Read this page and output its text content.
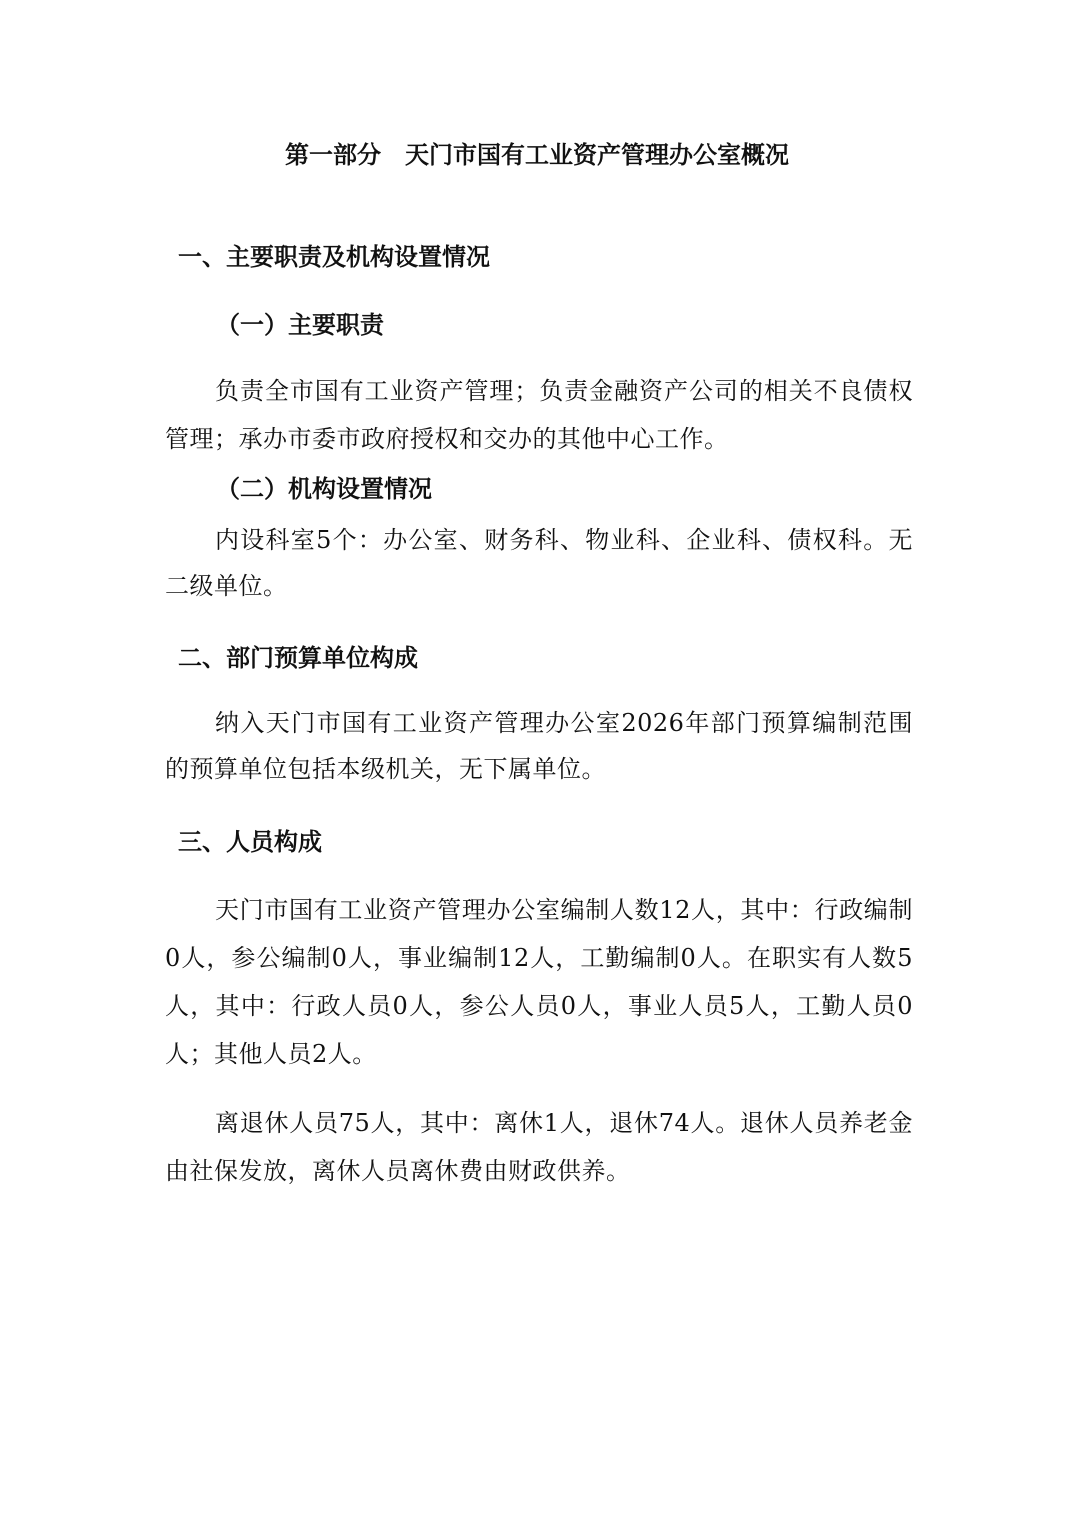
第一部分　天门市国有工业资产管理办公室概况
一、主要职责及机构设置情况
（一）主要职责
负责全市国有工业资产管理；负责金融资产公司的相关不良债权管理；承办市委市政府授权和交办的其他中心工作。
（二）机构设置情况
内设科室5个：办公室、财务科、物业科、企业科、债权科。无二级单位。
二、部门预算单位构成
纳入天门市国有工业资产管理办公室2026年部门预算编制范围的预算单位包括本级机关，无下属单位。
三、人员构成
天门市国有工业资产管理办公室编制人数12人，其中：行政编制0人，参公编制0人，事业编制12人，工勤编制0人。在职实有人数5人，其中：行政人员0人，参公人员0人，事业人员5人，工勤人员0人；其他人员2人。
离退休人员75人，其中：离休1人，退休74人。退休人员养老金由社保发放，离休人员离休费由财政供养。
